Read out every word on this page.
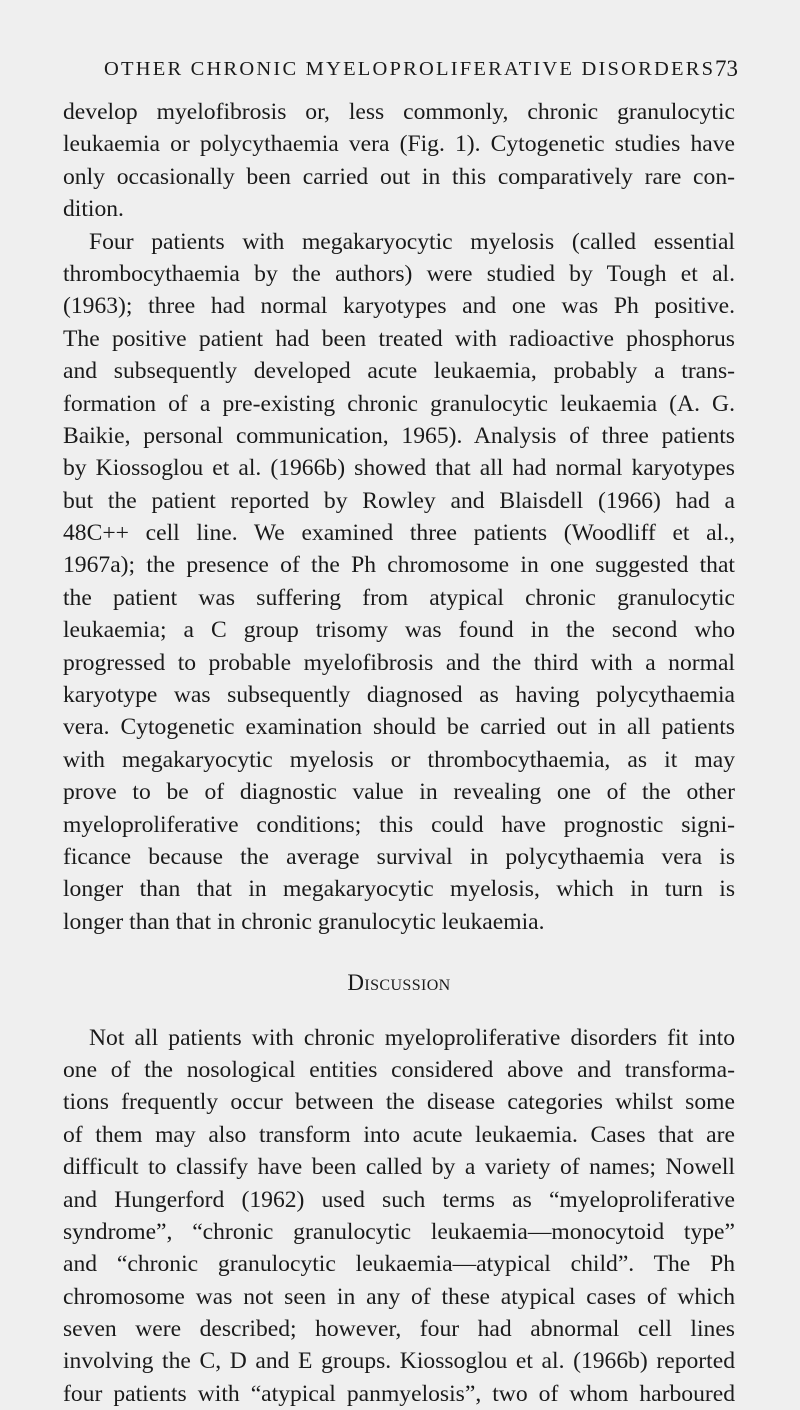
OTHER CHRONIC MYELOPROLIFERATIVE DISORDERS 73
develop myelofibrosis or, less commonly, chronic granulocytic
leukaemia or polycythaemia vera (Fig. 1). Cytogenetic studies have
only occasionally been carried out in this comparatively rare con-
dition.
Four patients with megakaryocytic myelosis (called essential
thrombocythaemia by the authors) were studied by Tough et al.
(1963); three had normal karyotypes and one was Ph positive.
The positive patient had been treated with radioactive phosphorus
and subsequently developed acute leukaemia, probably a trans-
formation of a pre-existing chronic granulocytic leukaemia (A. G.
Baikie, personal communication, 1965). Analysis of three patients
by Kiossoglou et al. (1966b) showed that all had normal karyotypes
but the patient reported by Rowley and Blaisdell (1966) had a
48C++ cell line. We examined three patients (Woodliff et al.,
1967a); the presence of the Ph chromosome in one suggested that
the patient was suffering from atypical chronic granulocytic
leukaemia; a C group trisomy was found in the second who
progressed to probable myelofibrosis and the third with a normal
karyotype was subsequently diagnosed as having polycythaemia
vera. Cytogenetic examination should be carried out in all patients
with megakaryocytic myelosis or thrombocythaemia, as it may
prove to be of diagnostic value in revealing one of the other
myeloproliferative conditions; this could have prognostic signi-
ficance because the average survival in polycythaemia vera is
longer than that in megakaryocytic myelosis, which in turn is
longer than that in chronic granulocytic leukaemia.
Discussion
Not all patients with chronic myeloproliferative disorders fit into
one of the nosological entities considered above and transforma-
tions frequently occur between the disease categories whilst some
of them may also transform into acute leukaemia. Cases that are
difficult to classify have been called by a variety of names; Nowell
and Hungerford (1962) used such terms as “myeloproliferative
syndrome”, “chronic granulocytic leukaemia—monocytoid type”
and “chronic granulocytic leukaemia—atypical child”. The Ph
chromosome was not seen in any of these atypical cases of which
seven were described; however, four had abnormal cell lines
involving the C, D and E groups. Kiossoglou et al. (1966b) reported
four patients with “atypical panmyelosis”, two of whom harboured
